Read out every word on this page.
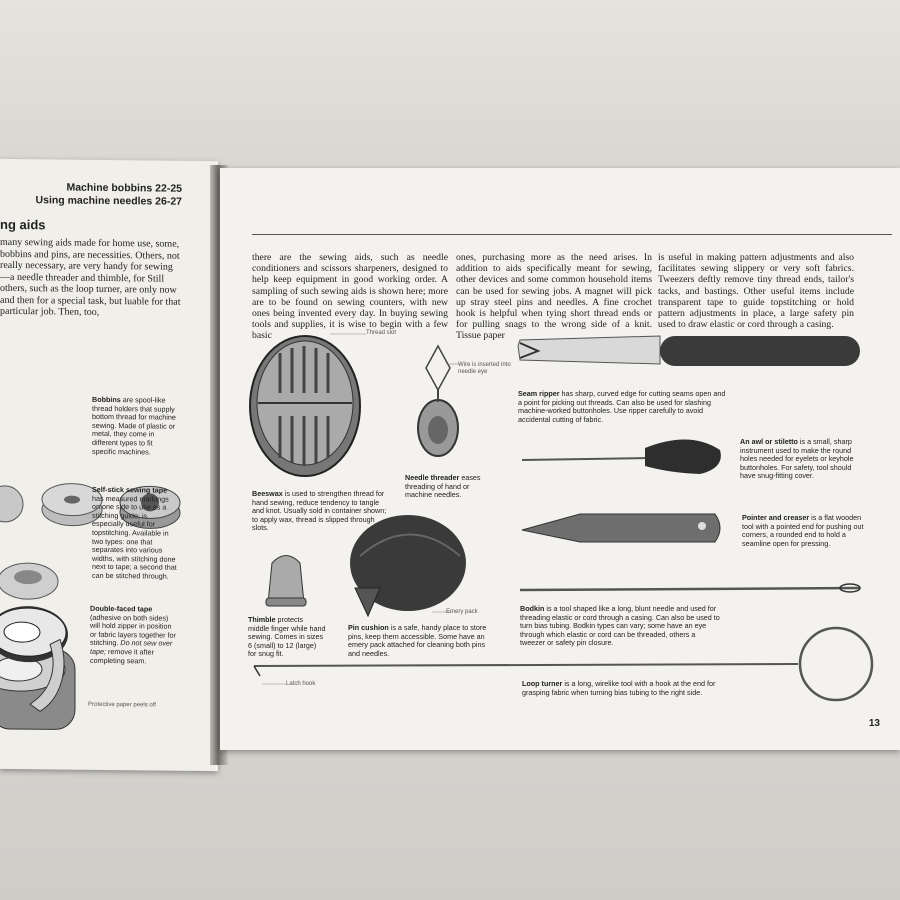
Machine bobbins 22-25
Using machine needles 26-27
ng aids
many sewing aids made for home use, some, bobbins and pins, are necessities. Others, not really necessary, are very handy for sewing—a needle threader and thimble, for Still others, such as the loop turner, are only now and then for a special task, but luable for that particular job. Then, too,
Bobbins are spool-like thread holders that supply bottom thread for machine sewing. Made of plastic or metal, they come in different types to fit specific machines.
Self-stick sewing tape has measured markings on one side to use as a stitching guide; is especially useful for topstitching. Available in two types: one that separates into various widths, with stitching done next to tape; a second that can be stitched through.
Double-faced tape (adhesive on both sides) will hold zipper in position or fabric layers together for stitching. Do not sew over tape; remove it after completing seam.
Protective paper peels off
there are the sewing aids, such as needle conditioners and scissors sharpeners, designed to help keep equipment in good working order. A sampling of such sewing aids is shown here; more are to be found on sewing counters, with new ones being invented every day. In buying sewing tools and supplies, it is wise to begin with a few basic
ones, purchasing more as the need arises. In addition to aids specifically meant for sewing, other devices and some common household items can be used for sewing jobs. A magnet will pick up stray steel pins and needles. A fine crochet hook is helpful when tying short thread ends or for pulling snags to the wrong side of a knit. Tissue paper
is useful in making pattern adjustments and also facilitates sewing slippery or very soft fabrics. Tweezers deftly remove tiny thread ends, tailor's tacks, and bastings. Other useful items include transparent tape to guide topstitching or hold pattern adjustments in place, a large safety pin used to draw elastic or cord through a casing.
Thread slot
Wire is inserted into needle eye
Emery pack
Latch hook
Beeswax is used to strengthen thread for hand sewing, reduce tendency to tangle and knot. Usually sold in container shown; to apply wax, thread is slipped through slots.
Needle threader eases threading of hand or machine needles.
Seam ripper has sharp, curved edge for cutting seams open and a point for picking out threads. Can also be used for slashing machine-worked buttonholes. Use ripper carefully to avoid accidental cutting of fabric.
An awl or stiletto is a small, sharp instrument used to make the round holes needed for eyelets or keyhole buttonholes. For safety, tool should have snug-fitting cover.
Pointer and creaser is a flat wooden tool with a pointed end for pushing out corners, a rounded end to hold a seamline open for pressing.
Thimble protects middle finger while hand sewing. Comes in sizes 6 (small) to 12 (large) for snug fit.
Pin cushion is a safe, handy place to store pins, keep them accessible. Some have an emery pack attached for cleaning both pins and needles.
Bodkin is a tool shaped like a long, blunt needle and used for threading elastic or cord through a casing. Can also be used to turn bias tubing. Bodkin types can vary; some have an eye through which elastic or cord can be threaded, others a tweezer or safety pin closure.
Loop turner is a long, wirelike tool with a hook at the end for grasping fabric when turning bias tubing to the right side.
13
